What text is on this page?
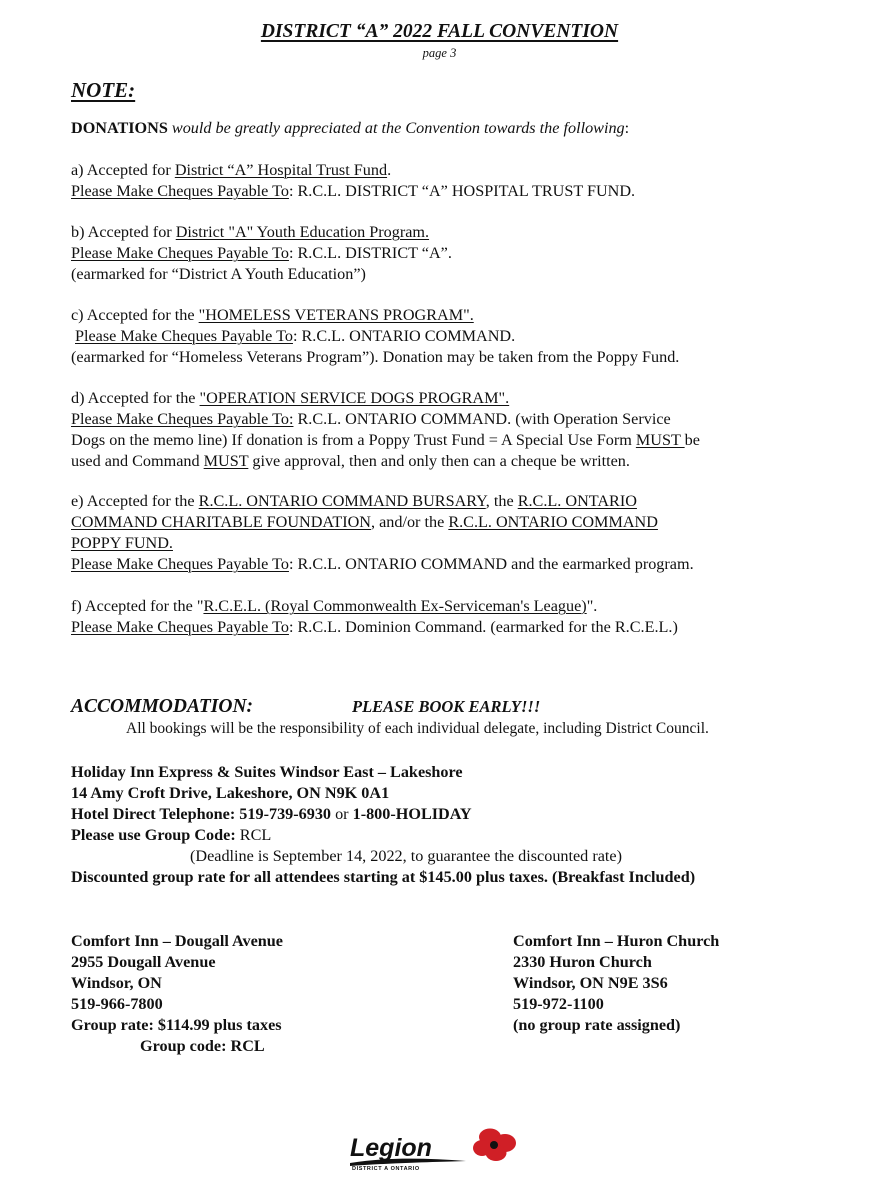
DISTRICT “A” 2022 FALL CONVENTION
page 3
NOTE:
DONATIONS would be greatly appreciated at the Convention towards the following:
a) Accepted for District “A” Hospital Trust Fund.
Please Make Cheques Payable To: R.C.L. DISTRICT “A” HOSPITAL TRUST FUND.
b) Accepted for District "A" Youth Education Program.
Please Make Cheques Payable To: R.C.L. DISTRICT “A”.
(earmarked for “District A Youth Education”)
c) Accepted for the "HOMELESS VETERANS PROGRAM".
Please Make Cheques Payable To: R.C.L. ONTARIO COMMAND.
(earmarked for “Homeless Veterans Program”). Donation may be taken from the Poppy Fund.
d) Accepted for the "OPERATION SERVICE DOGS PROGRAM".
Please Make Cheques Payable To: R.C.L. ONTARIO COMMAND. (with Operation Service
Dogs on the memo line) If donation is from a Poppy Trust Fund = A Special Use Form MUST be
used and Command MUST give approval, then and only then can a cheque be written.
e) Accepted for the R.C.L. ONTARIO COMMAND BURSARY, the R.C.L. ONTARIO
COMMAND CHARITABLE FOUNDATION, and/or the R.C.L. ONTARIO COMMAND
POPPY FUND.
Please Make Cheques Payable To: R.C.L. ONTARIO COMMAND and the earmarked program.
f) Accepted for the "R.C.E.L. (Royal Commonwealth Ex-Serviceman's League)".
Please Make Cheques Payable To: R.C.L. Dominion Command. (earmarked for the R.C.E.L.)
ACCOMMODATION:	PLEASE BOOK EARLY!!!
All bookings will be the responsibility of each individual delegate, including District Council.
Holiday Inn Express & Suites Windsor East – Lakeshore
14 Amy Croft Drive, Lakeshore, ON N9K 0A1
Hotel Direct Telephone: 519-739-6930 or 1-800-HOLIDAY
Please use Group Code: RCL
(Deadline is September 14, 2022, to guarantee the discounted rate)
Discounted group rate for all attendees starting at $145.00 plus taxes. (Breakfast Included)
Comfort Inn – Dougall Avenue
2955 Dougall Avenue
Windsor, ON
519-966-7800
Group rate: $114.99 plus taxes
Group code: RCL
Comfort Inn – Huron Church
2330 Huron Church
Windsor, ON N9E 3S6
519-972-1100
(no group rate assigned)
Legion
DISTRICT A ONTARIO
